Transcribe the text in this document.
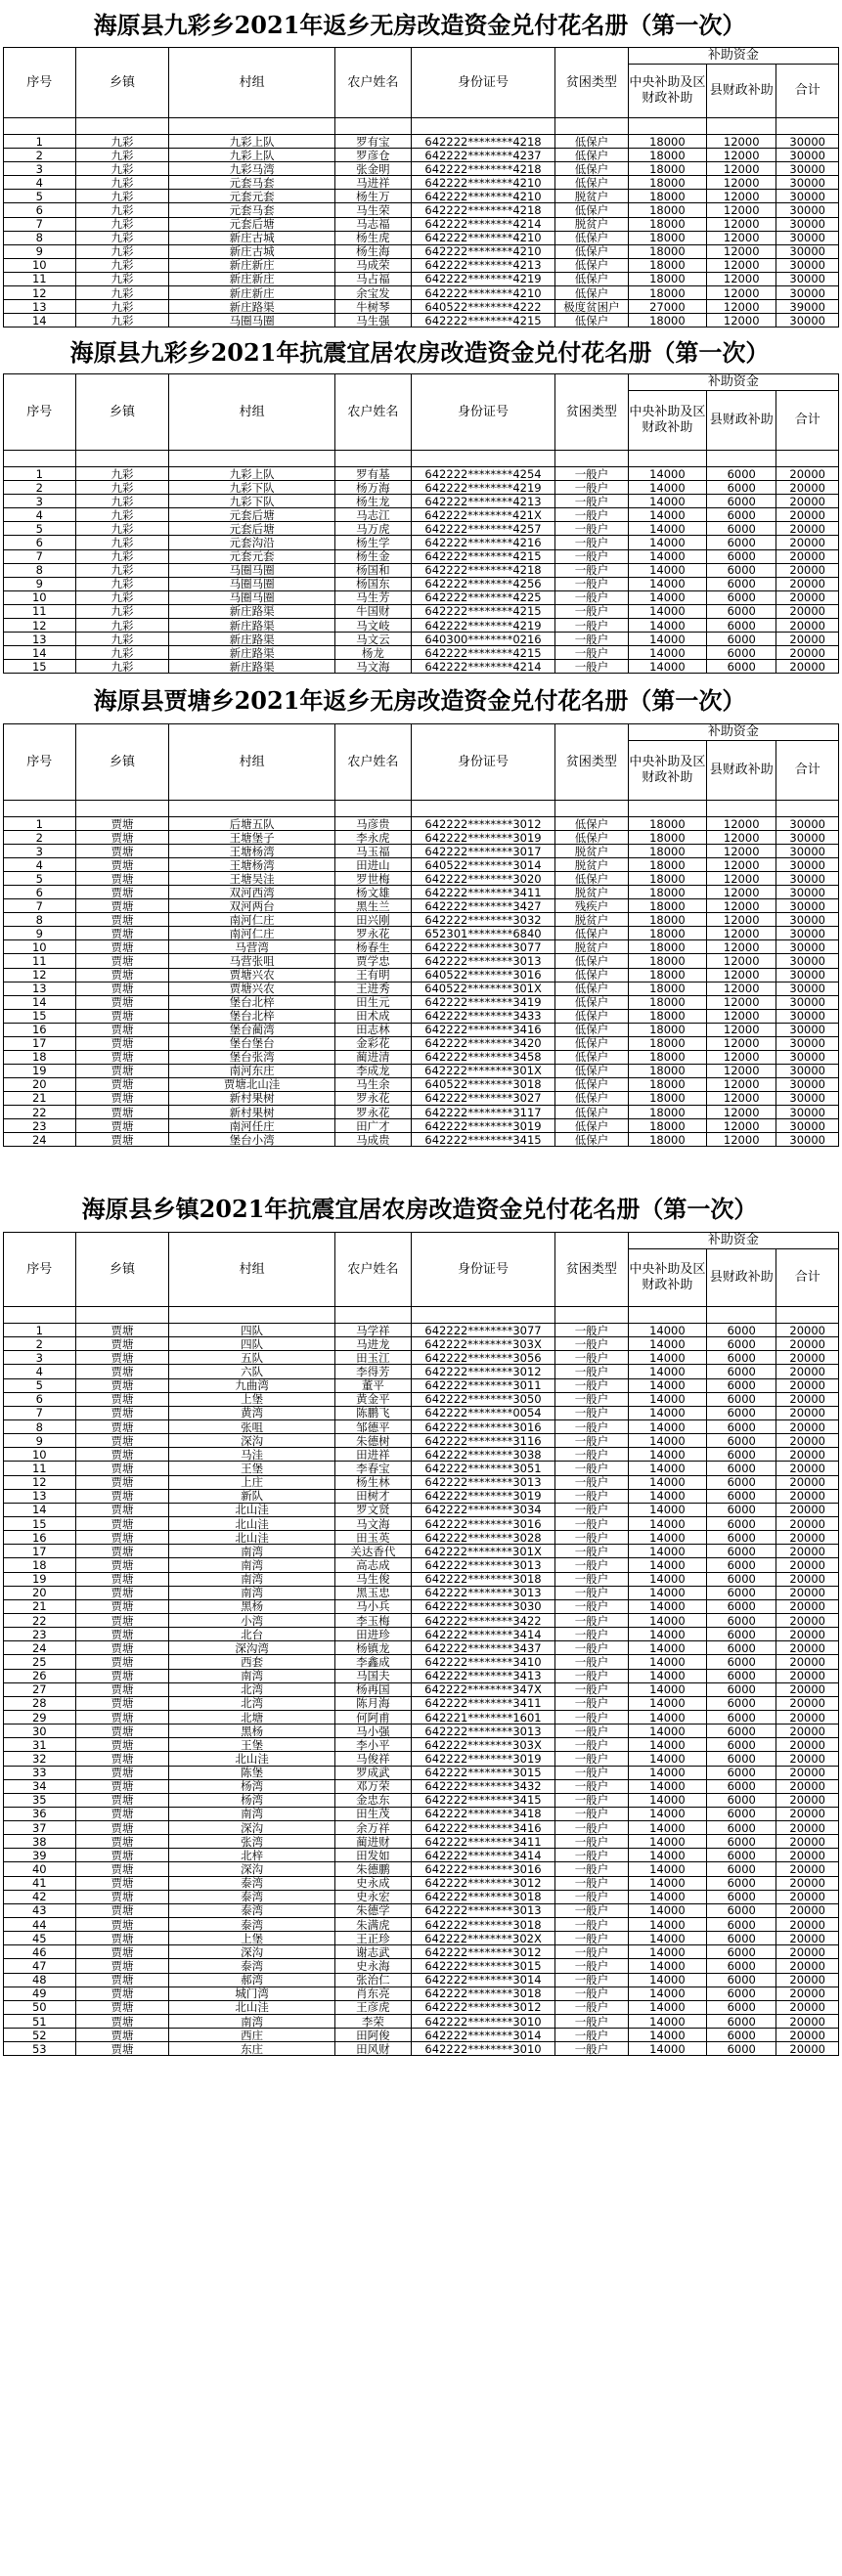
海原县九彩乡2021年返乡无房改造资金兑付花名册（第一次）
序号	乡镇	村组	农户姓名	身份证号	贫困类型	补助资金		
						中央补助及区财政补助	县财政补助	合计

1	九彩	九彩上队	罗有宝	642222********4218	低保户	18000	12000	30000
2	九彩	九彩上队	罗彦仓	642222********4237	低保户	18000	12000	30000
3	九彩	九彩马湾	张金明	642222********4218	低保户	18000	12000	30000
4	九彩	元套马套	马进祥	642222********4210	低保户	18000	12000	30000
5	九彩	元套元套	杨生万	642222********4210	脱贫户	18000	12000	30000
6	九彩	元套马套	马生荣	642222********4218	低保户	18000	12000	30000
7	九彩	元套后塘	马志福	642222********4214	脱贫户	18000	12000	30000
8	九彩	新庄古城	杨生虎	642222********4210	低保户	18000	12000	30000
9	九彩	新庄古城	杨生海	642222********4210	低保户	18000	12000	30000
10	九彩	新庄新庄	马成荣	642222********4213	低保户	18000	12000	30000
11	九彩	新庄新庄	马占福	642222********4219	低保户	18000	12000	30000
12	九彩	新庄新庄	余宝发	642222********4210	低保户	18000	12000	30000
13	九彩	新庄路渠	牛树琴	640522********4222	极度贫困户	27000	12000	39000
14	九彩	马圈马圈	马生强	642222********4215	低保户	18000	12000	30000
海原县九彩乡2021年抗震宜居农房改造资金兑付花名册（第一次）
序号	乡镇	村组	农户姓名	身份证号	贫困类型	补助资金		
						中央补助及区财政补助	县财政补助	合计

1	九彩	九彩上队	罗有基	642222********4254	一般户	14000	6000	20000
2	九彩	九彩下队	杨万海	642222********4219	一般户	14000	6000	20000
3	九彩	九彩下队	杨生龙	642222********4213	一般户	14000	6000	20000
4	九彩	元套后塘	马志江	642222********421X	一般户	14000	6000	20000
5	九彩	元套后塘	马万虎	642222********4257	一般户	14000	6000	20000
6	九彩	元套沟沿	杨生学	642222********4216	一般户	14000	6000	20000
7	九彩	元套元套	杨生金	642222********4215	一般户	14000	6000	20000
8	九彩	马圈马圈	杨国和	642222********4218	一般户	14000	6000	20000
9	九彩	马圈马圈	杨国东	642222********4256	一般户	14000	6000	20000
10	九彩	马圈马圈	马生芳	642222********4225	一般户	14000	6000	20000
11	九彩	新庄路渠	牛国财	642222********4215	一般户	14000	6000	20000
12	九彩	新庄路渠	马文岐	642222********4219	一般户	14000	6000	20000
13	九彩	新庄路渠	马文云	640300********0216	一般户	14000	6000	20000
14	九彩	新庄路渠	杨龙	642222********4215	一般户	14000	6000	20000
15	九彩	新庄路渠	马文海	642222********4214	一般户	14000	6000	20000
海原县贾塘乡2021年返乡无房改造资金兑付花名册（第一次）
序号	乡镇	村组	农户姓名	身份证号	贫困类型	补助资金		
						中央补助及区财政补助	县财政补助	合计

1	贾塘	后塘五队	马彦贵	642222********3012	低保户	18000	12000	30000
2	贾塘	王塘堡子	李永虎	642222********3019	低保户	18000	12000	30000
3	贾塘	王塘杨湾	马玉福	642222********3017	脱贫户	18000	12000	30000
4	贾塘	王塘杨湾	田进山	640522********3014	脱贫户	18000	12000	30000
5	贾塘	王塘吴洼	罗世梅	642222********3020	低保户	18000	12000	30000
6	贾塘	双河西湾	杨文雄	642222********3411	脱贫户	18000	12000	30000
7	贾塘	双河两台	黑生兰	642222********3427	残疾户	18000	12000	30000
8	贾塘	南河仁庄	田兴刚	642222********3032	脱贫户	18000	12000	30000
9	贾塘	南河仁庄	罗永花	652301********6840	低保户	18000	12000	30000
10	贾塘	马营湾	杨春生	642222********3077	脱贫户	18000	12000	30000
11	贾塘	马营张咀	贾学忠	642222********3013	低保户	18000	12000	30000
12	贾塘	贾塘兴农	王有明	640522********3016	低保户	18000	12000	30000
13	贾塘	贾塘兴农	王进秀	640522********301X	低保户	18000	12000	30000
14	贾塘	堡台北梓	田生元	642222********3419	低保户	18000	12000	30000
15	贾塘	堡台北梓	田术成	642222********3433	低保户	18000	12000	30000
16	贾塘	堡台蔺湾	田志林	642222********3416	低保户	18000	12000	30000
17	贾塘	堡台堡台	金彩花	642222********3420	低保户	18000	12000	30000
18	贾塘	堡台张湾	蔺进清	642222********3458	低保户	18000	12000	30000
19	贾塘	南河东庄	李成龙	642222********301X	低保户	18000	12000	30000
20	贾塘	贾塘北山洼	马生余	640522********3018	低保户	18000	12000	30000
21	贾塘	新村果树	罗永花	642222********3027	低保户	18000	12000	30000
22	贾塘	新村果树	罗永花	642222********3117	低保户	18000	12000	30000
23	贾塘	南河任庄	田广才	642222********3019	低保户	18000	12000	30000
24	贾塘	堡台小湾	马成贵	642222********3415	低保户	18000	12000	30000
海原县乡镇2021年抗震宜居农房改造资金兑付花名册（第一次）
序号	乡镇	村组	农户姓名	身份证号	贫困类型	补助资金		
						中央补助及区财政补助	县财政补助	合计

1	贾塘	四队	马学祥	642222********3077	一般户	14000	6000	20000
2	贾塘	四队	马进龙	642222********303X	一般户	14000	6000	20000
3	贾塘	五队	田玉江	642222********3056	一般户	14000	6000	20000
4	贾塘	六队	李得芳	642222********3012	一般户	14000	6000	20000
5	贾塘	九曲湾	董平	642222********3011	一般户	14000	6000	20000
6	贾塘	上堡	黄金平	642222********3050	一般户	14000	6000	20000
7	贾塘	黄湾	陈鹏飞	642222********0054	一般户	14000	6000	20000
8	贾塘	张咀	邹德平	642222********3016	一般户	14000	6000	20000
9	贾塘	深沟	朱德树	642222********3116	一般户	14000	6000	20000
10	贾塘	马洼	田进祥	642222********3038	一般户	14000	6000	20000
11	贾塘	王堡	李春宝	642222********3051	一般户	14000	6000	20000
12	贾塘	上庄	杨生林	642222********3013	一般户	14000	6000	20000
13	贾塘	新队	田树才	642222********3019	一般户	14000	6000	20000
14	贾塘	北山洼	罗文贤	642222********3034	一般户	14000	6000	20000
15	贾塘	北山洼	马文海	642222********3016	一般户	14000	6000	20000
16	贾塘	北山洼	田玉英	642222********3028	一般户	14000	6000	20000
17	贾塘	南湾	关达香代	642222********301X	一般户	14000	6000	20000
18	贾塘	南湾	高志成	642222********3013	一般户	14000	6000	20000
19	贾塘	南湾	马生俊	642222********3018	一般户	14000	6000	20000
20	贾塘	南湾	黑玉忠	642222********3013	一般户	14000	6000	20000
21	贾塘	黑杨	马小兵	642222********3030	一般户	14000	6000	20000
22	贾塘	小湾	李玉梅	642222********3422	一般户	14000	6000	20000
23	贾塘	北台	田进珍	642222********3414	一般户	14000	6000	20000
24	贾塘	深沟湾	杨镇龙	642222********3437	一般户	14000	6000	20000
25	贾塘	西套	李鑫成	642222********3410	一般户	14000	6000	20000
26	贾塘	南湾	马国夫	642222********3413	一般户	14000	6000	20000
27	贾塘	北湾	杨再国	642222********347X	一般户	14000	6000	20000
28	贾塘	北湾	陈月海	642222********3411	一般户	14000	6000	20000
29	贾塘	北塘	何阿甫	642221********1601	一般户	14000	6000	20000
30	贾塘	黑杨	马小强	642222********3013	一般户	14000	6000	20000
31	贾塘	王堡	李小平	642222********303X	一般户	14000	6000	20000
32	贾塘	北山洼	马俊祥	642222********3019	一般户	14000	6000	20000
33	贾塘	陈堡	罗成武	642222********3015	一般户	14000	6000	20000
34	贾塘	杨湾	邓万荣	642222********3432	一般户	14000	6000	20000
35	贾塘	杨湾	金忠东	642222********3415	一般户	14000	6000	20000
36	贾塘	南湾	田生茂	642222********3418	一般户	14000	6000	20000
37	贾塘	深沟	余万祥	642222********3416	一般户	14000	6000	20000
38	贾塘	张湾	蔺进财	642222********3411	一般户	14000	6000	20000
39	贾塘	北梓	田发如	642222********3414	一般户	14000	6000	20000
40	贾塘	深沟	朱德鹏	642222********3016	一般户	14000	6000	20000
41	贾塘	泰湾	史永成	642222********3012	一般户	14000	6000	20000
42	贾塘	泰湾	史永宏	642222********3018	一般户	14000	6000	20000
43	贾塘	泰湾	朱德学	642222********3013	一般户	14000	6000	20000
44	贾塘	泰湾	朱满虎	642222********3018	一般户	14000	6000	20000
45	贾塘	上堡	王正珍	642222********302X	一般户	14000	6000	20000
46	贾塘	深沟	谢志武	642222********3012	一般户	14000	6000	20000
47	贾塘	泰湾	史永海	642222********3015	一般户	14000	6000	20000
48	贾塘	郝湾	张治仁	642222********3014	一般户	14000	6000	20000
49	贾塘	城门湾	肖东亮	642222********3018	一般户	14000	6000	20000
50	贾塘	北山洼	王彦虎	642222********3012	一般户	14000	6000	20000
51	贾塘	南湾	李荣	642222********3010	一般户	14000	6000	20000
52	贾塘	西庄	田阿俊	642222********3014	一般户	14000	6000	20000
53	贾塘	东庄	田风财	642222********3010	一般户	14000	6000	20000
